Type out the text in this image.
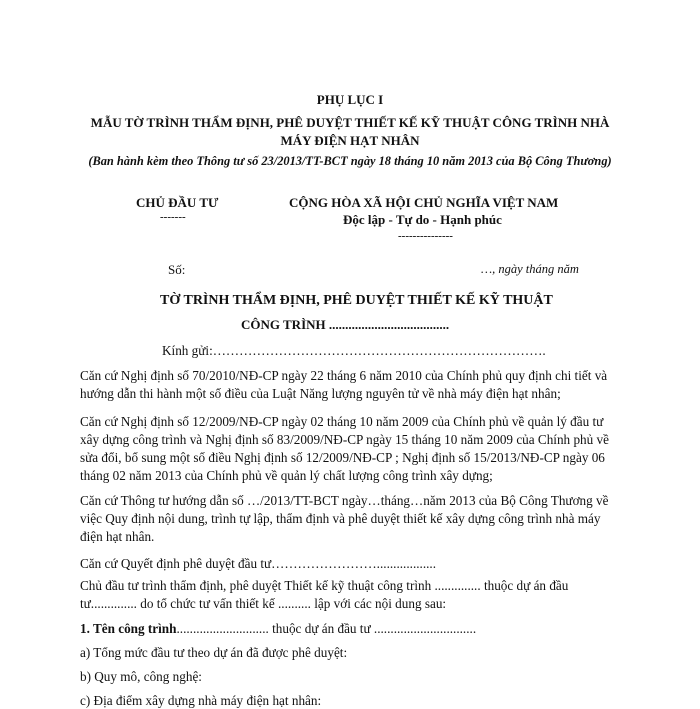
PHỤ LỤC I
MẪU TỜ TRÌNH THẨM ĐỊNH, PHÊ DUYỆT THIẾT KẾ KỸ THUẬT CÔNG TRÌNH NHÀ MÁY ĐIỆN HẠT NHÂN
(Ban hành kèm theo Thông tư số 23/2013/TT-BCT ngày 18 tháng 10 năm 2013 của Bộ Công Thương)
CHỦ ĐẦU TƯ
-------
CỘNG HÒA XÃ HỘI CHỦ NGHĨA VIỆT NAM
Độc lập - Tự do - Hạnh phúc
---------------
Số:	…, ngày tháng năm
TỜ TRÌNH THẨM ĐỊNH, PHÊ DUYỆT THIẾT KẾ KỸ THUẬT
CÔNG TRÌNH .....................................
Kính gửi:………………………………………………………………….
Căn cứ Nghị định số 70/2010/NĐ-CP ngày 22 tháng 6 năm 2010 của Chính phủ quy định chi tiết và hướng dẫn thi hành một số điều của Luật Năng lượng nguyên tử về nhà máy điện hạt nhân;
Căn cứ Nghị định số 12/2009/NĐ-CP ngày 02 tháng 10 năm 2009 của Chính phủ về quản lý đầu tư xây dựng công trình và Nghị định số 83/2009/NĐ-CP ngày 15 tháng 10 năm 2009 của Chính phủ về sửa đổi, bổ sung một số điều Nghị định số 12/2009/NĐ-CP ; Nghị định số 15/2013/NĐ-CP ngày 06 tháng 02 năm 2013 của Chính phủ về quản lý chất lượng công trình xây dựng;
Căn cứ Thông tư hướng dẫn số …/2013/TT-BCT ngày…tháng…năm 2013 của Bộ Công Thương về việc Quy định nội dung, trình tự lập, thẩm định và phê duyệt thiết kế xây dựng công trình nhà máy điện hạt nhân.
Căn cứ Quyết định phê duyệt đầu tư……………………..................
Chủ đầu tư trình thẩm định, phê duyệt Thiết kế kỹ thuật công trình .............. thuộc dự án đầu tư.............. do tổ chức tư vấn thiết kế .......... lập với các nội dung sau:
1. Tên công trình............................ thuộc dự án đầu tư ...............................
a) Tổng mức đầu tư theo dự án đã được phê duyệt:
b) Quy mô, công nghệ:
c) Địa điểm xây dựng nhà máy điện hạt nhân:
